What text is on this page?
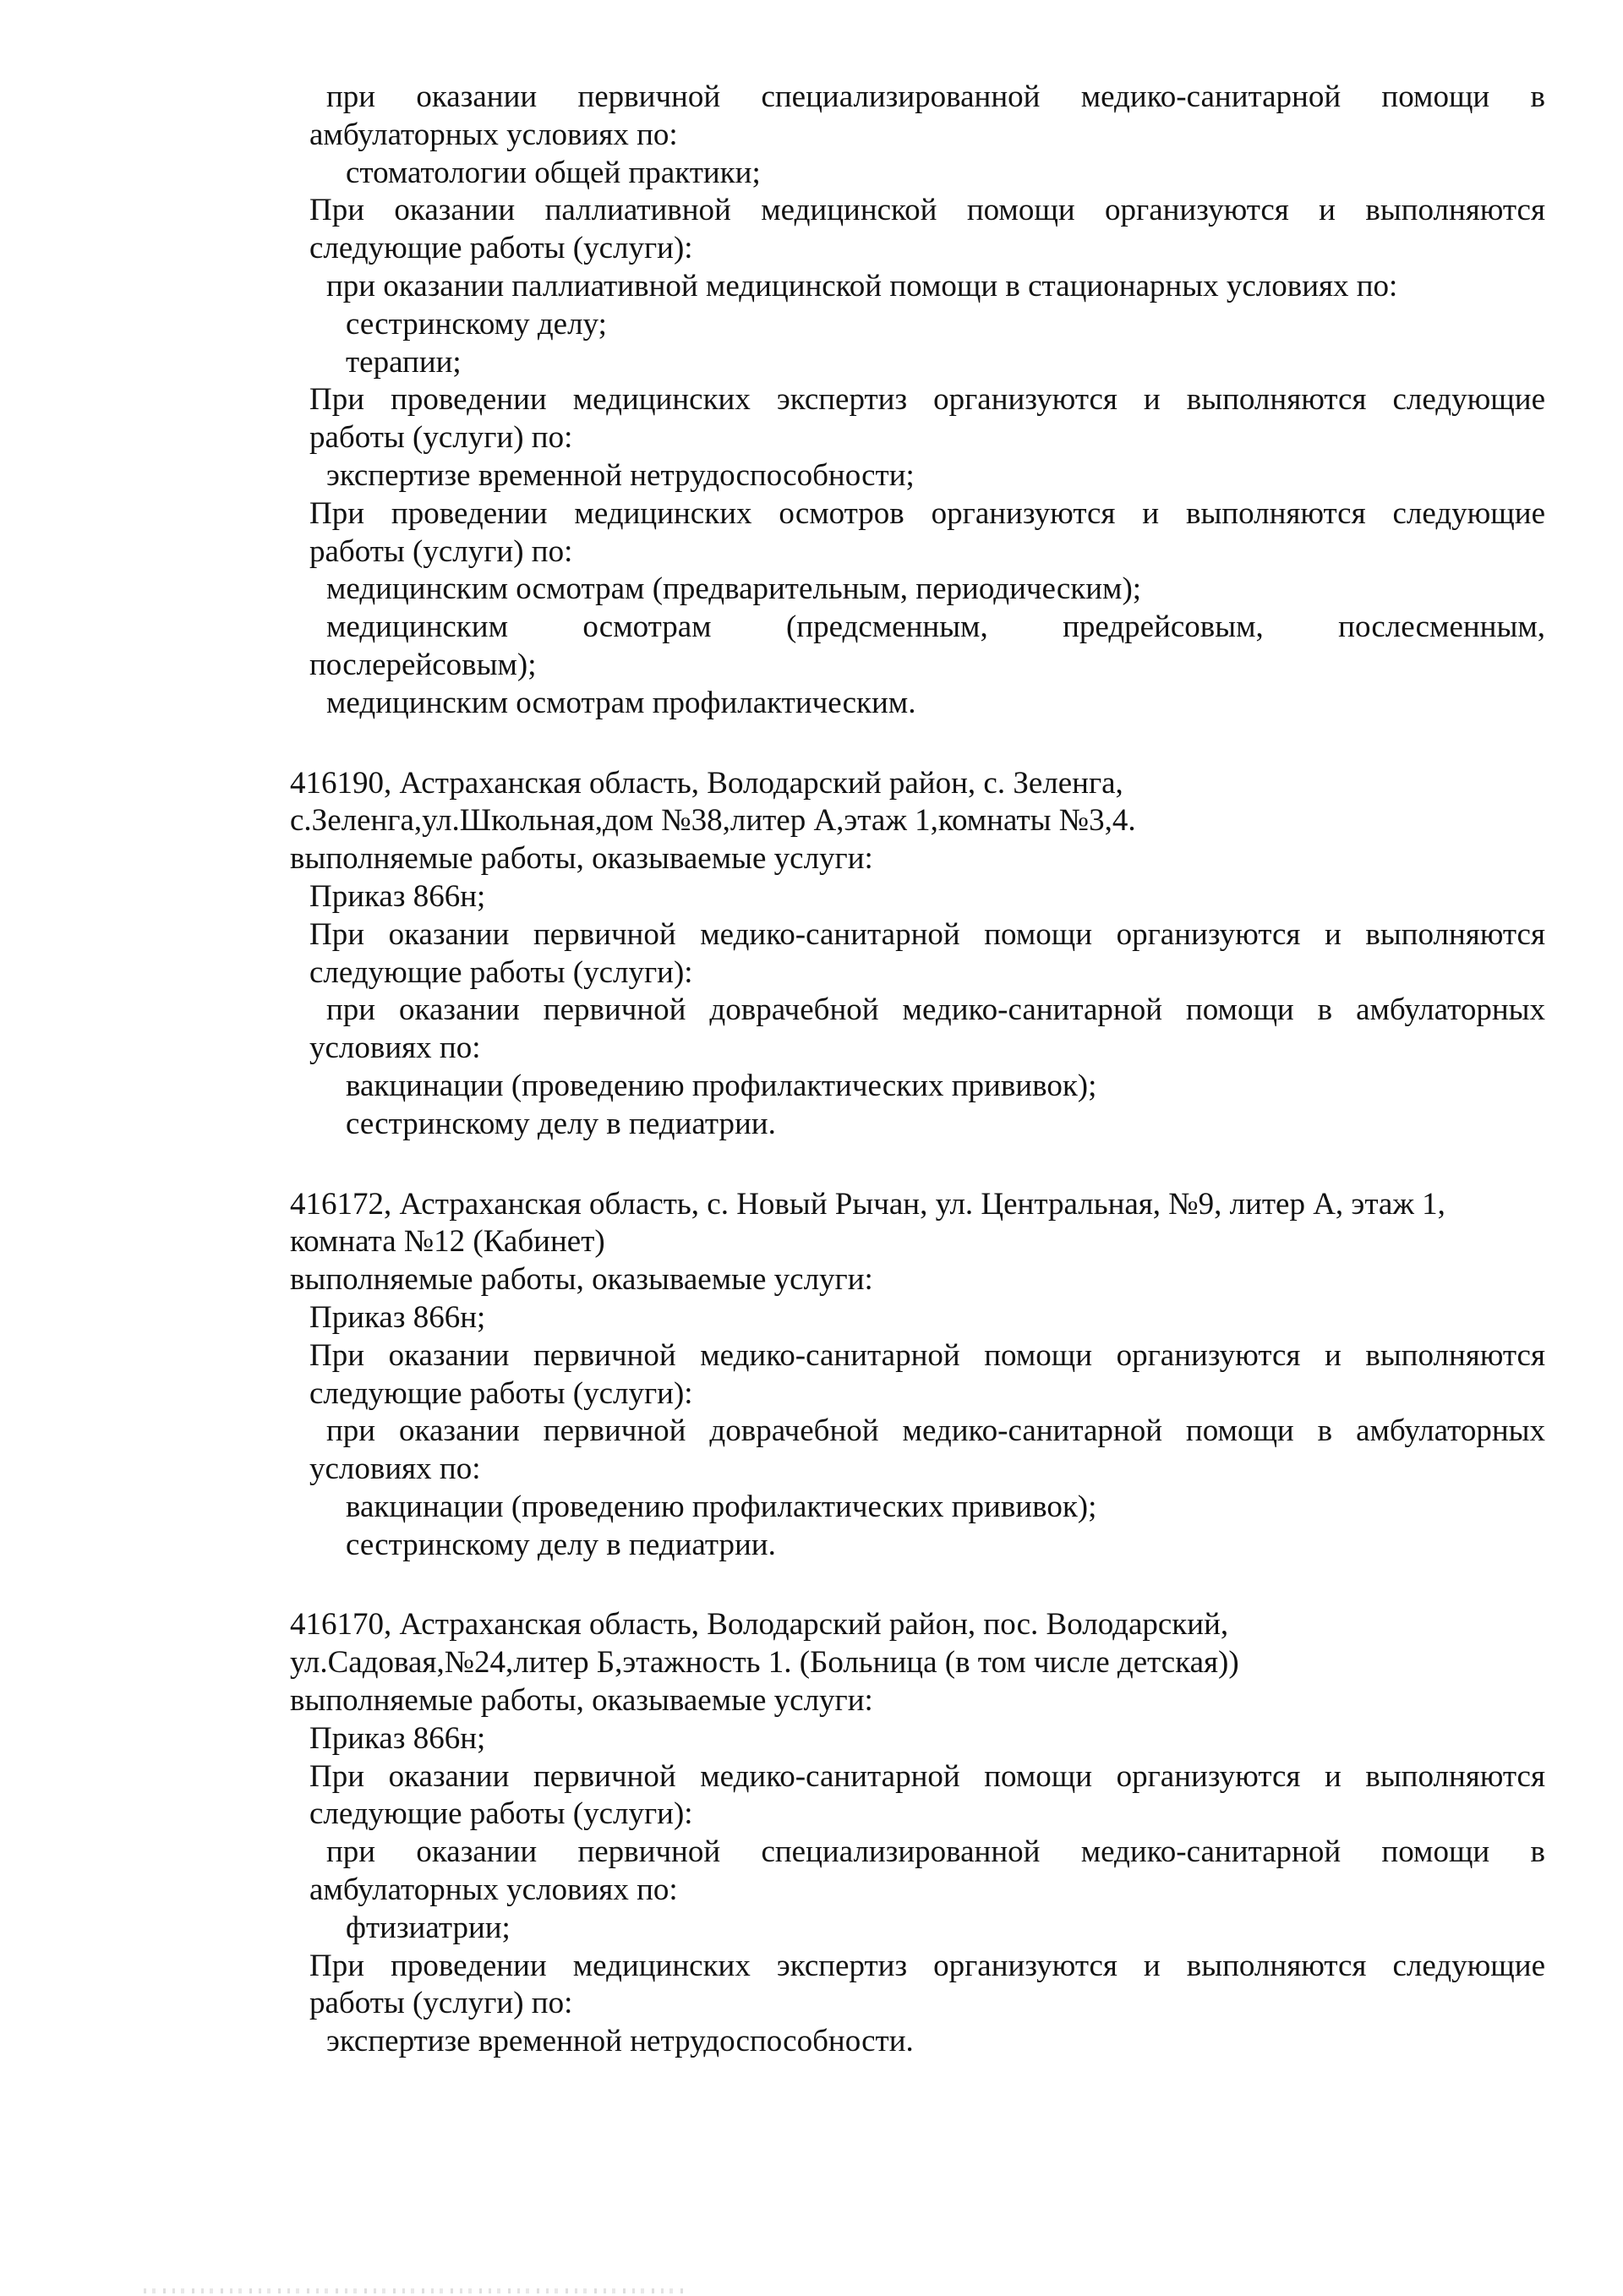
при оказании первичной специализированной медико-санитарной помощи в
амбулаторных условиях по:
стоматологии общей практики;
При оказании паллиативной медицинской помощи организуются и выполняются
следующие работы (услуги):
при оказании паллиативной медицинской помощи в стационарных условиях по:
сестринскому делу;
терапии;
При проведении медицинских экспертиз организуются и выполняются следующие
работы (услуги) по:
экспертизе временной нетрудоспособности;
При проведении медицинских осмотров организуются и выполняются следующие
работы (услуги) по:
медицинским осмотрам (предварительным, периодическим);
медицинским осмотрам (предсменным, предрейсовым, послесменным,
послерейсовым);
медицинским осмотрам профилактическим.
416190, Астраханская область, Володарский район, с. Зеленга,
с.Зеленга,ул.Школьная,дом №38,литер А,этаж 1,комнаты №3,4.
выполняемые работы, оказываемые услуги:
Приказ 866н;
При оказании первичной медико-санитарной помощи организуются и выполняются
следующие работы (услуги):
при оказании первичной доврачебной медико-санитарной помощи в амбулаторных
условиях по:
вакцинации (проведению профилактических прививок);
сестринскому делу в педиатрии.
416172, Астраханская область, с. Новый Рычан, ул. Центральная, №9, литер А, этаж 1,
комната №12 (Кабинет)
выполняемые работы, оказываемые услуги:
Приказ 866н;
При оказании первичной медико-санитарной помощи организуются и выполняются
следующие работы (услуги):
при оказании первичной доврачебной медико-санитарной помощи в амбулаторных
условиях по:
вакцинации (проведению профилактических прививок);
сестринскому делу в педиатрии.
416170, Астраханская область, Володарский район, пос. Володарский,
ул.Садовая,№24,литер Б,этажность 1. (Больница (в том числе детская))
выполняемые работы, оказываемые услуги:
Приказ 866н;
При оказании первичной медико-санитарной помощи организуются и выполняются
следующие работы (услуги):
при оказании первичной специализированной медико-санитарной помощи в
амбулаторных условиях по:
фтизиатрии;
При проведении медицинских экспертиз организуются и выполняются следующие
работы (услуги) по:
экспертизе временной нетрудоспособности.
